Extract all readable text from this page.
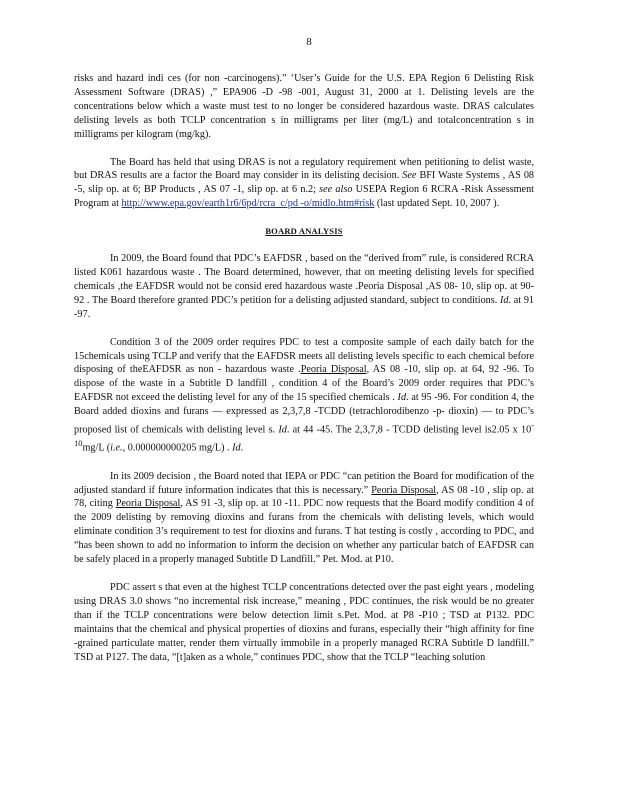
8

risks and hazard indi ces (for non -carcinogens).” ‘User’s Guide for the U.S. EPA Region 6 Delisting Risk Assessment Software (DRAS) ,” EPA906 -D -98 -001, August 31, 2000 at 1. Delisting levels are the concentrations below which a waste must test to no longer be considered hazardous waste. DRAS calculates delisting levels as both TCLP concentration s in milligrams per liter (mg/L) and totalconcentration s in milligrams per kilogram (mg/kg).

The Board has held that using DRAS is not a regulatory requirement when petitioning to delist waste, but DRAS results are a factor the Board may consider in its delisting decision. See BFI Waste Systems , AS 08 -5, slip op. at 6; BP Products , AS 07 -1, slip op. at 6 n.2; see also USEPA Region 6 RCRA -Risk Assessment Program at http://www.epa.gov/earth1r6/6pd/rcra_c/pd -o/midlo.htm#risk (last updated Sept. 10, 2007 ).

BOARD ANALYSIS

In 2009, the Board found that PDC’s EAFDSR , based on the “derived from” rule, is considered RCRA listed K061 hazardous waste . The Board determined, however, that on meeting delisting levels for specified chemicals ,the EAFDSR would not be consid ered hazardous waste .Peoria Disposal ,AS 08- 10, slip op. at 90-92 . The Board therefore granted PDC’s petition for a delisting adjusted standard, subject to conditions. Id. at 91 -97.

Condition 3 of the 2009 order requires PDC to test a composite sample of each daily batch for the 15chemicals using TCLP and verify that the EAFDSR meets all delisting levels specific to each chemical before disposing of theEAFDSR as non - hazardous waste .Peoria Disposal, AS 08 -10, slip op. at 64, 92 -96. To dispose of the waste in a Subtitle D landfill , condition 4 of the Board’s 2009 order requires that PDC’s EAFDSR not exceed the delisting level for any of the 15 specified chemicals . Id. at 95 -96. For condition 4, the Board added dioxins and furans — expressed as 2,3,7,8 -TCDD (tetrachlorodibenzo -p- dioxin) — to PDC’s proposed list of chemicals with delisting level s. Id. at 44 -45. The 2,3,7,8 - TCDD delisting level is2.05 x $10^{-10}mg/L$ (i.e., 0.000000000205 mg/L) . Id.

In its 2009 decision , the Board noted that IEPA or PDC “can petition the Board for modification of the adjusted standard if future information indicates that this is necessary.” Peoria Disposal, AS 08 -10 , slip op. at 78, citing Peoria Disposal, AS 91 -3, slip op. at 10 -11. PDC now requests that the Board modify condition 4 of the 2009 delisting by removing dioxins and furans from the chemicals with delisting levels, which would eliminate condition 3’s requirement to test for dioxins and furans. T hat testing is costly , according to PDC, and “has been shown to add no information to inform the decision on whether any particular batch of EAFDSR can be safely placed in a properly managed Subtitle D Landfill.” Pet. Mod. at P10.

PDC assert s that even at the highest TCLP concentrations detected over the past eight years , modeling using DRAS 3.0 shows “no incremental risk increase,” meaning , PDC continues, the risk would be no greater than if the TCLP concentrations were below detection limit s.Pet. Mod. at P8 -P10 ; TSD at P132. PDC maintains that the chemical and physical properties of dioxins and furans, especially their “high affinity for fine -grained particulate matter, render them virtually immobile in a properly managed RCRA Subtitle D landfill.” TSD at P127. The data, “[t]aken as a whole,” continues PDC, show that the TCLP “leaching solution
